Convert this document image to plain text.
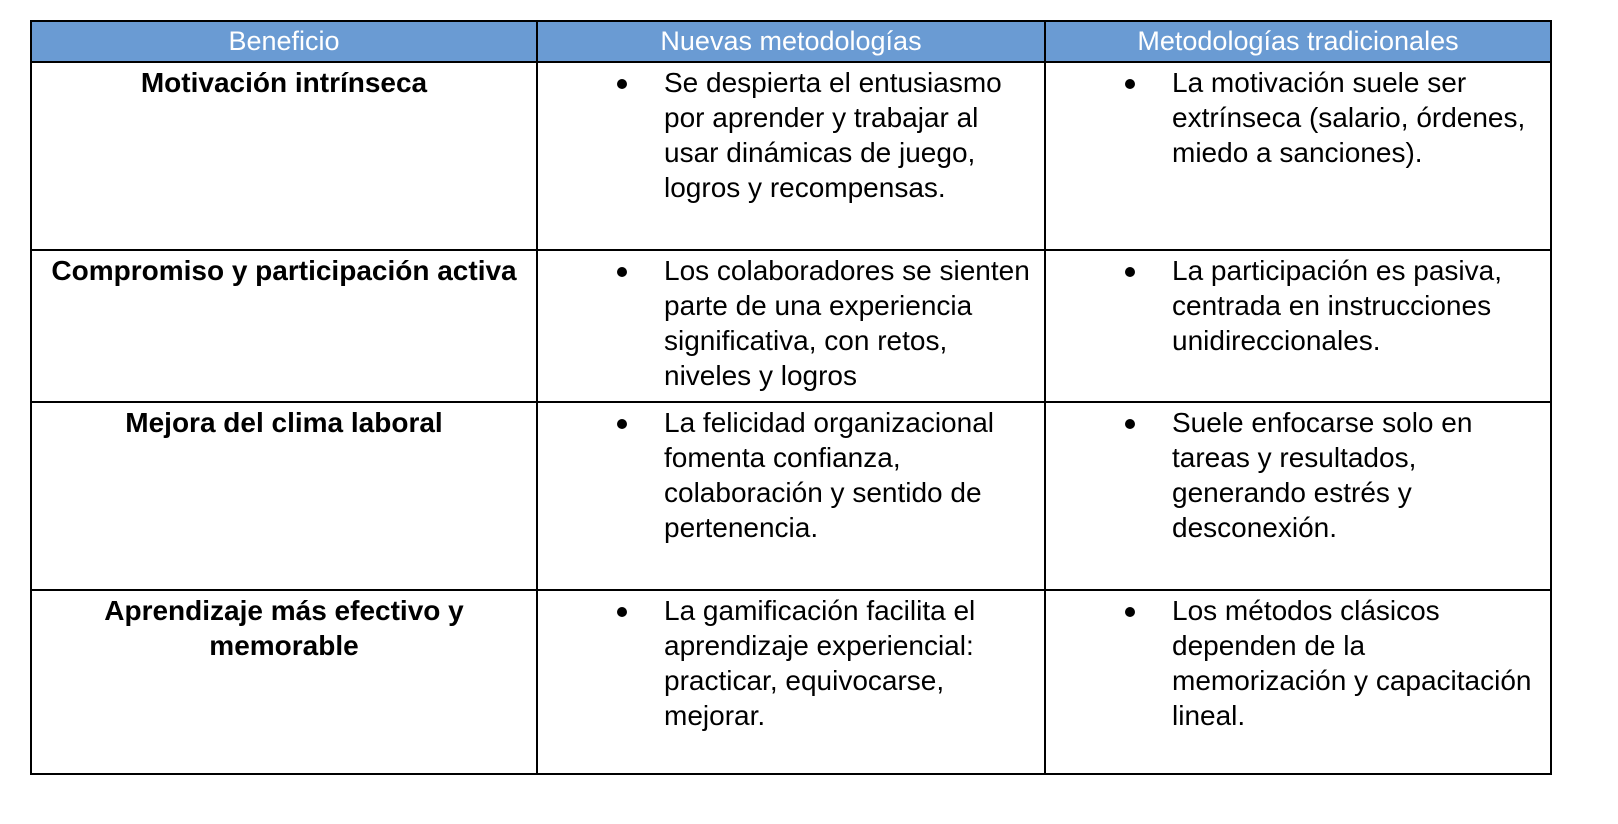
Beneficio	Nuevas metodologías	Metodologías tradicionales
Motivación intrínseca	Se despierta el entusiasmo por aprender y trabajar al usar dinámicas de juego, logros y recompensas.	La motivación suele ser extrínseca (salario, órdenes, miedo a sanciones).

Compromiso y participación activa	Los colaboradores se sienten parte de una experiencia significativa, con retos, niveles y logros	La participación es pasiva, centrada en instrucciones unidireccionales.

Mejora del clima laboral	La felicidad organizacional fomenta confianza, colaboración y sentido de pertenencia.	Suele enfocarse solo en tareas y resultados, generando estrés y desconexión.

Aprendizaje más efectivo y memorable	La gamificación facilita el aprendizaje experiencial: practicar, equivocarse, mejorar.	Los métodos clásicos dependen de la memorización y capacitación lineal.
